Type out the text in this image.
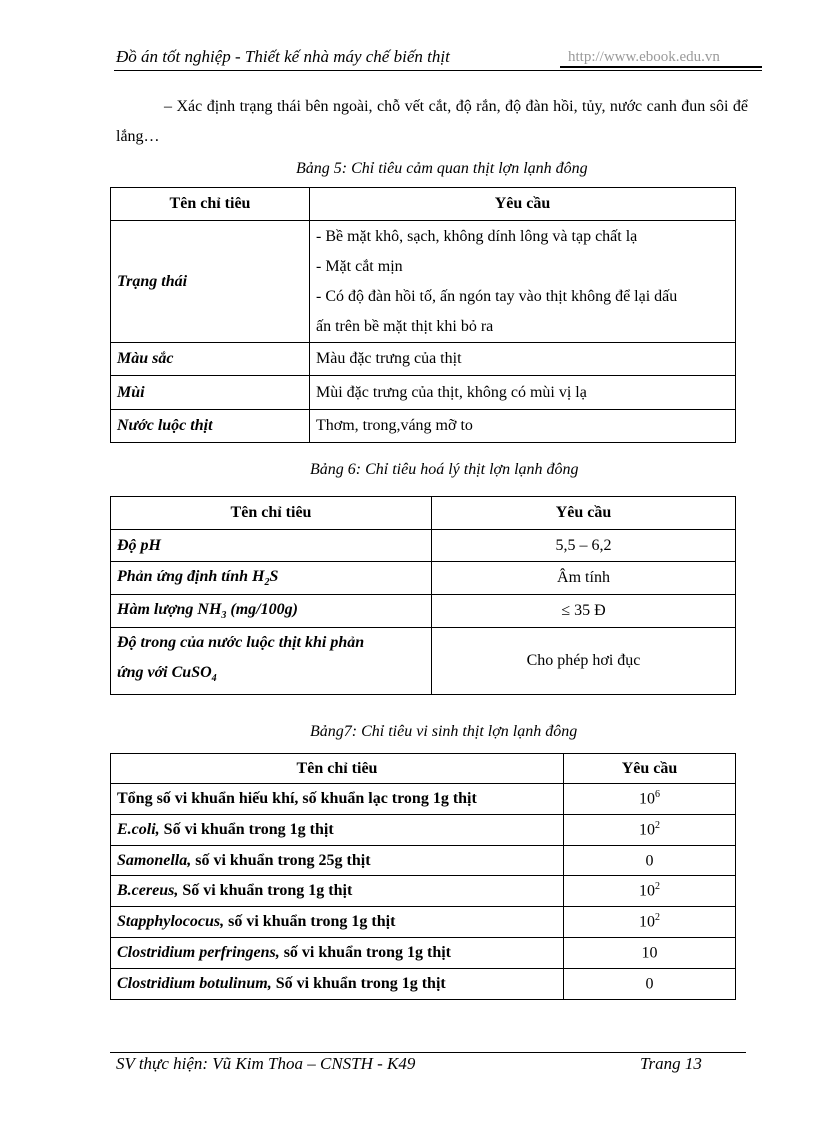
Đồ án tốt nghiệp - Thiết kế nhà máy chế biến thịt	http://www.ebook.edu.vn
– Xác định trạng thái bên ngoài, chỗ vết cắt, độ rắn, độ đàn hồi, tủy, nước canh đun sôi để lắng…
Bảng 5: Chỉ tiêu cảm quan thịt lợn lạnh đông
Tên chỉ tiêu	Yêu cầu
Trạng thái	- Bề mặt khô, sạch, không dính lông và tạp chất lạ
- Mặt cắt mịn
- Có độ đàn hồi tố, ấn ngón tay vào thịt không để lại dấu
ấn trên bề mặt thịt khi bỏ ra

Màu sắc	Màu đặc trưng của thịt
Mùi	Mùi đặc trưng của thịt, không có mùi vị lạ
Nước luộc thịt	Thơm, trong,váng mỡ to
Bảng 6: Chỉ tiêu hoá lý thịt lợn lạnh đông
Tên chỉ tiêu	Yêu cầu
Độ pH	5,5 – 6,2
Phản ứng định tính $H_2S$	Âm tính
Hàm lượng $NH_3$ (mg/100g)	≤ 35 Đ

Độ trong của nước luộc thịt khi phản
ứng với CuSO$_4$	Cho phép hơi đục
Bảng7: Chỉ tiêu vi sinh thịt lợn lạnh đông
Tên chỉ tiêu	Yêu cầu
Tổng số vi khuẩn hiếu khí, số khuẩn lạc trong 1g thịt	$10^6$
E.coli, Số vi khuẩn trong 1g thịt	$10^2$
Samonella, số vi khuẩn trong 25g thịt	0
B.cereus, Số vi khuẩn trong 1g thịt	$10^2$
Stapphylococus, số vi khuẩn trong 1g thịt	$10^2$
Clostridium perfringens, số vi khuẩn trong 1g thịt	10
Clostridium botulinum, Số vi khuẩn trong 1g thịt	0
SV thực hiện: Vũ Kim Thoa – CNSTH - K49	Trang 13
